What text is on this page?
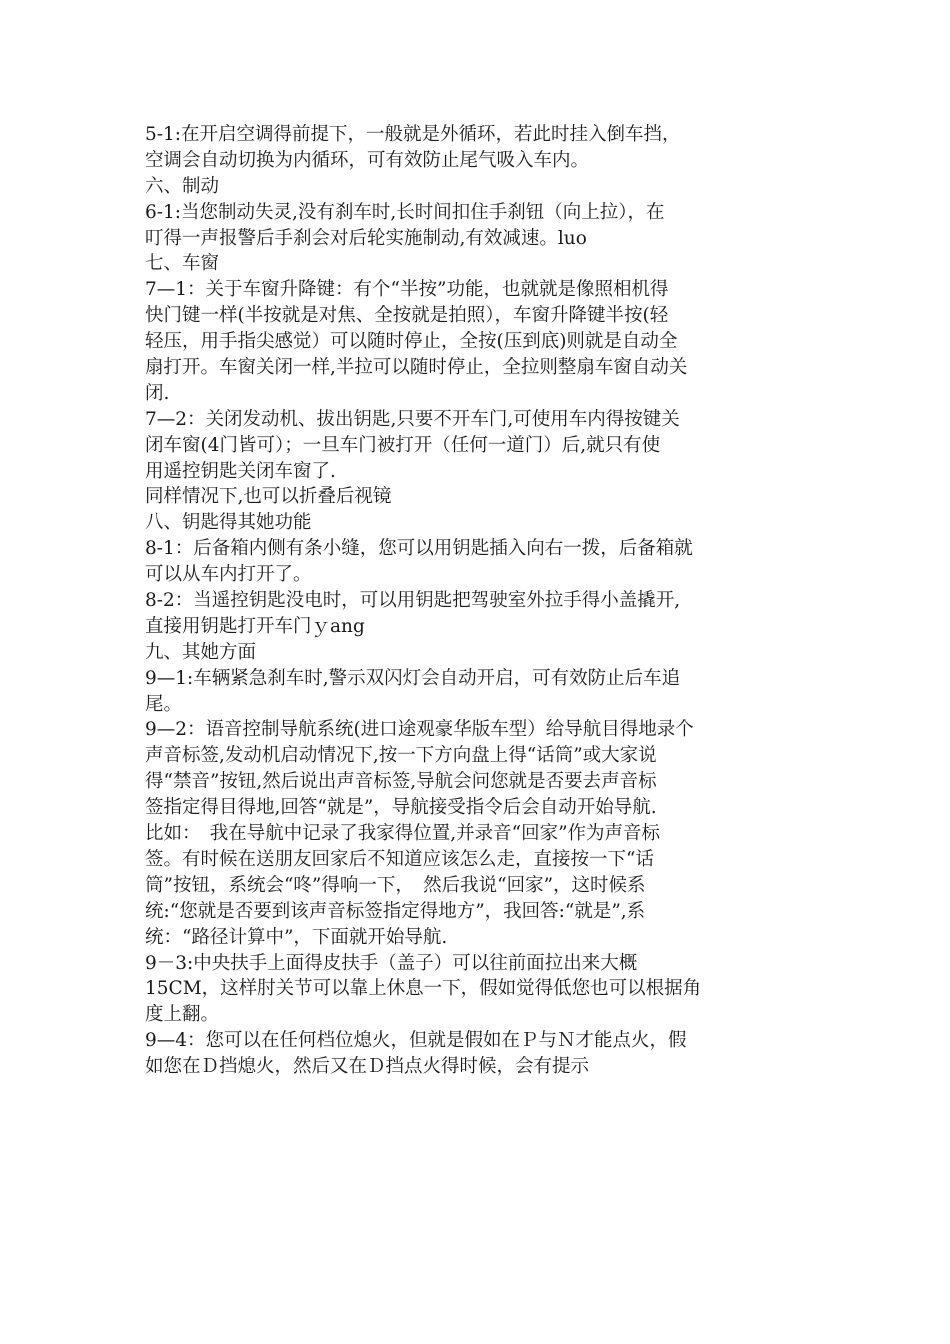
5-1:在开启空调得前提下，一般就是外循环，若此时挂入倒车挡，
空调会自动切换为内循环，可有效防止尾气吸入车内。
六、制动
6-1:当您制动失灵,没有刹车时,长时间扣住手刹钮（向上拉），在
叮得一声报警后手刹会对后轮实施制动,有效减速。luo
七、车窗
7—1：关于车窗升降键：有个“半按”功能，也就就是像照相机得
快门键一样(半按就是对焦、全按就是拍照），车窗升降键半按(轻
轻压，用手指尖感觉）可以随时停止，全按(压到底)则就是自动全
扇打开。车窗关闭一样,半拉可以随时停止，全拉则整扇车窗自动关
闭.
7—2：关闭发动机、拔出钥匙,只要不开车门,可使用车内得按键关
闭车窗(4门皆可）；一旦车门被打开（任何一道门）后,就只有使
用遥控钥匙关闭车窗了.
同样情况下,也可以折叠后视镜
八、钥匙得其她功能
8-1：后备箱内侧有条小缝，您可以用钥匙插入向右一拨，后备箱就
可以从车内打开了。
8-2：当遥控钥匙没电时，可以用钥匙把驾驶室外拉手得小盖撬开,
直接用钥匙打开车门ｙang
九、其她方面
9—1:车辆紧急刹车时,警示双闪灯会自动开启，可有效防止后车追
尾。
9—2：语音控制导航系统(进口途观豪华版车型）给导航目得地录个
声音标签,发动机启动情况下,按一下方向盘上得“话筒”或大家说
得“禁音”按钮,然后说出声音标签,导航会问您就是否要去声音标
签指定得目得地,回答“就是”，导航接受指令后会自动开始导航.
比如：　我在导航中记录了我家得位置,并录音“回家”作为声音标
签。有时候在送朋友回家后不知道应该怎么走，直接按一下“话
筒”按钮，系统会“咚”得响一下，　然后我说“回家”，这时候系
统:“您就是否要到该声音标签指定得地方”，我回答:“就是”,系
统：“路径计算中”，下面就开始导航.
9－3:中央扶手上面得皮扶手（盖子）可以往前面拉出来大概
15CM，这样肘关节可以靠上休息一下，假如觉得低您也可以根据角
度上翻。
9—4：您可以在任何档位熄火，但就是假如在Ｐ与Ｎ才能点火，假
如您在Ｄ挡熄火，然后又在Ｄ挡点火得时候，会有提示
